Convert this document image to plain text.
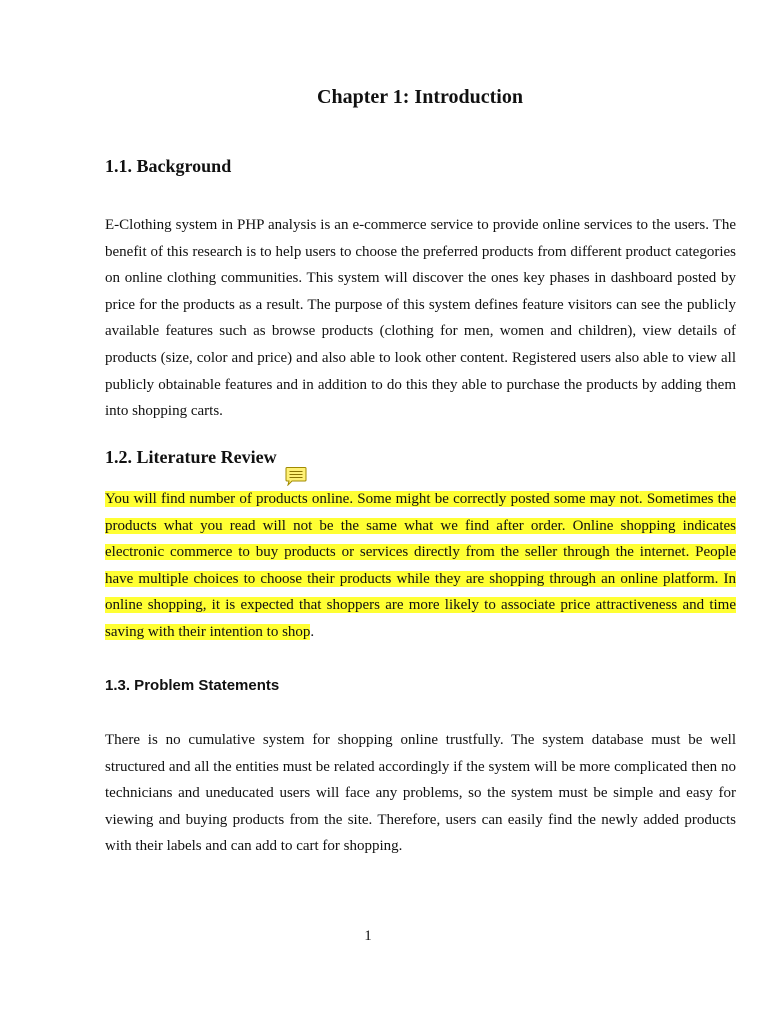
Chapter 1: Introduction
1.1. Background

E-Clothing system in PHP analysis is an e-commerce service to provide online services to the users. The benefit of this research is to help users to choose the preferred products from different product categories on online clothing communities. This system will discover the ones key phases in dashboard posted by price for the products as a result. The purpose of this system defines feature visitors can see the publicly available features such as browse products (clothing for men, women and children), view details of products (size, color and price) and also able to look other content. Registered users also able to view all publicly obtainable features and in addition to do this they able to purchase the products by adding them into shopping carts.

1.2. Literature Review

You will find number of products online. Some might be correctly posted some may not. Sometimes the products what you read will not be the same what we find after order. Online shopping indicates electronic commerce to buy products or services directly from the seller through the internet. People have multiple choices to choose their products while they are shopping through an online platform. In online shopping, it is expected that shoppers are more likely to associate price attractiveness and time saving with their intention to shop.

1.3. Problem Statements

There is no cumulative system for shopping online trustfully. The system database must be well structured and all the entities must be related accordingly if the system will be more complicated then no technicians and uneducated users will face any problems, so the system must be simple and easy for viewing and buying products from the site. Therefore, users can easily find the newly added products with their labels and can add to cart for shopping.

1
